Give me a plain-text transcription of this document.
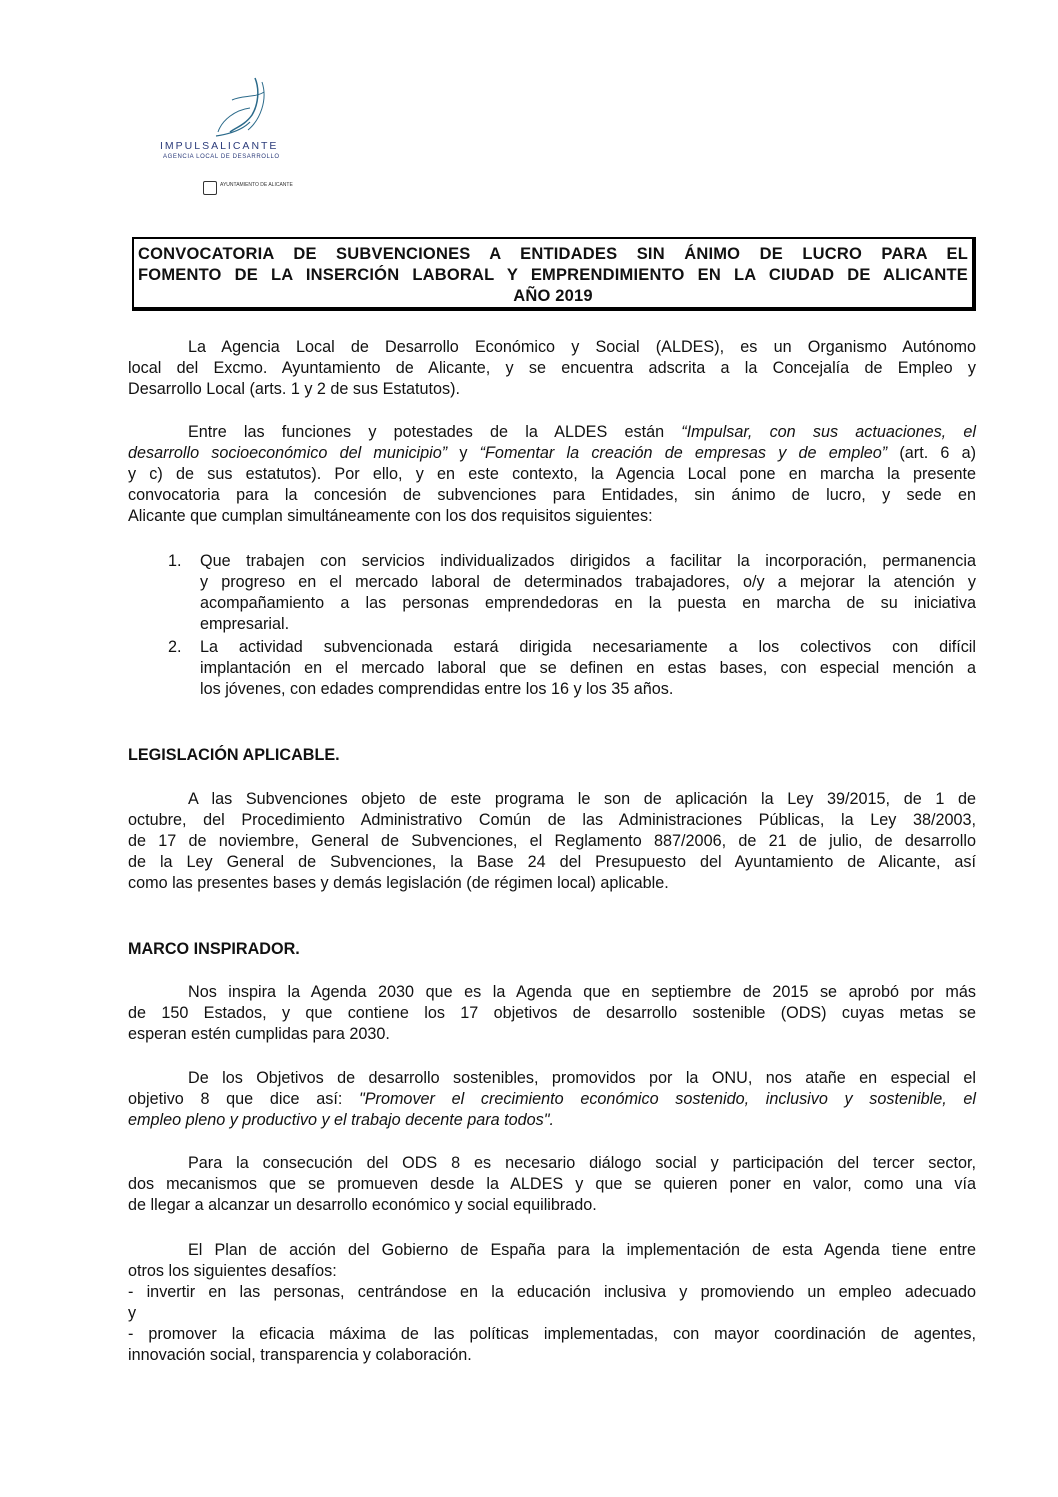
IMPULSALICANTE
AGENCIA LOCAL DE DESARROLLO
AYUNTAMIENTO DE ALICANTE
CONVOCATORIA DE SUBVENCIONES A ENTIDADES SIN ÁNIMO DE LUCRO PARA EL
FOMENTO DE LA INSERCIÓN LABORAL Y EMPRENDIMIENTO EN LA CIUDAD DE ALICANTE
AÑO 2019
La Agencia Local de Desarrollo Económico y Social (ALDES), es un Organismo Autónomo
local del Excmo. Ayuntamiento de Alicante, y se encuentra adscrita a la Concejalía de Empleo y
Desarrollo Local (arts. 1 y 2 de sus Estatutos).
Entre las funciones y potestades de la ALDES están “Impulsar, con sus actuaciones, el
desarrollo socioeconómico del municipio” y “Fomentar la creación de empresas y de empleo” (art. 6 a)
y c) de sus estatutos). Por ello, y en este contexto, la Agencia Local pone en marcha la presente
convocatoria para la concesión de subvenciones para Entidades, sin ánimo de lucro, y sede en
Alicante que cumplan simultáneamente con los dos requisitos siguientes:
1. Que trabajen con servicios individualizados dirigidos a facilitar la incorporación, permanencia
y progreso en el mercado laboral de determinados trabajadores, o/y a mejorar la atención y
acompañamiento a las personas emprendedoras en la puesta en marcha de su iniciativa
empresarial.
2. La actividad subvencionada estará dirigida necesariamente a los colectivos con difícil
implantación en el mercado laboral que se definen en estas bases, con especial mención a
los jóvenes, con edades comprendidas entre los 16 y los 35 años.
LEGISLACIÓN APLICABLE.
A las Subvenciones objeto de este programa le son de aplicación la Ley 39/2015, de 1 de
octubre, del Procedimiento Administrativo Común de las Administraciones Públicas, la Ley 38/2003,
de 17 de noviembre, General de Subvenciones, el Reglamento 887/2006, de 21 de julio, de desarrollo
de la Ley General de Subvenciones, la Base 24 del Presupuesto del Ayuntamiento de Alicante, así
como las presentes bases y demás legislación (de régimen local) aplicable.
MARCO INSPIRADOR.
Nos inspira la Agenda 2030 que es la Agenda que en septiembre de 2015 se aprobó por más
de 150 Estados, y que contiene los 17 objetivos de desarrollo sostenible (ODS) cuyas metas se
esperan estén cumplidas para 2030.
De los Objetivos de desarrollo sostenibles, promovidos por la ONU, nos atañe en especial el
objetivo 8 que dice así: "Promover el crecimiento económico sostenido, inclusivo y sostenible, el
empleo pleno y productivo y el trabajo decente para todos".
Para la consecución del ODS 8 es necesario diálogo social y participación del tercer sector,
dos mecanismos que se promueven desde la ALDES y que se quieren poner en valor, como una vía
de llegar a alcanzar un desarrollo económico y social equilibrado.
El Plan de acción del Gobierno de España para la implementación de esta Agenda tiene entre
otros los siguientes desafíos:
- invertir en las personas, centrándose en la educación inclusiva y promoviendo un empleo adecuado
y
- promover la eficacia máxima de las políticas implementadas, con mayor coordinación de agentes,
innovación social, transparencia y colaboración.
